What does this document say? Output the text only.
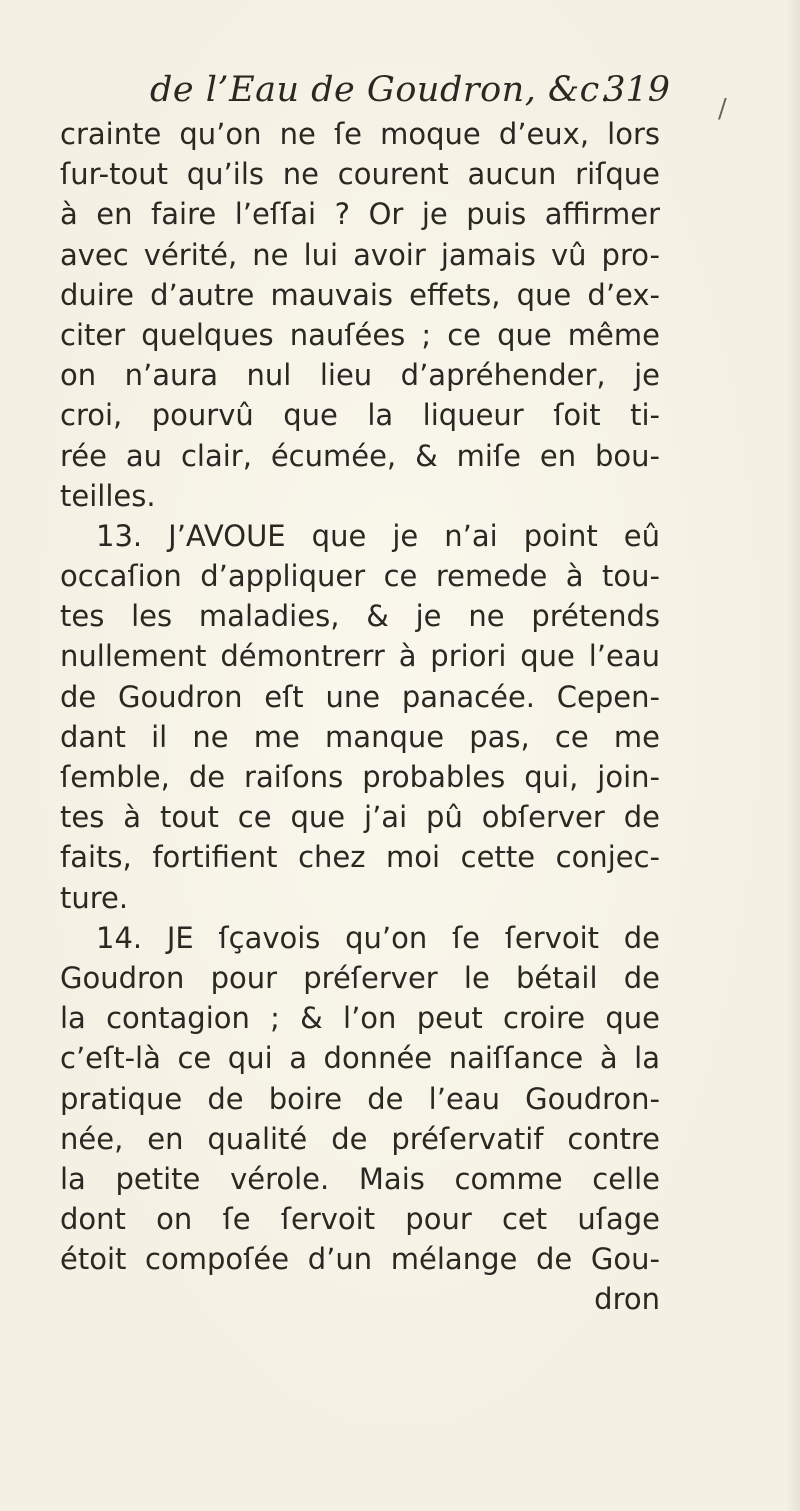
de l’Eau de Goudron, &c.
319 /
crainte qu’on ne ſe moque d’eux, lors
ſur-tout qu’ils ne courent aucun riſque
à en faire l’eſſai ? Or je puis affirmer
avec vérité, ne lui avoir jamais vû pro-
duire d’autre mauvais effets, que d’ex-
citer quelques nauſées ; ce que même
on n’aura nul lieu d’apréhender, je
croi, pourvû que la liqueur ſoit ti-
rée au clair, écumée, & miſe en bou-
teilles.
13. J’AVOUE que je n’ai point eû
occaſion d’appliquer ce remede à tou-
tes les maladies, & je ne prétends
nullement démontrerr à priori que l’eau
de Goudron eſt une panacée. Cepen-
dant il ne me manque pas, ce me
ſemble, de raiſons probables qui, join-
tes à tout ce que j’ai pû obſerver de
faits, fortifient chez moi cette conjec-
ture.
14. JE ſçavois qu’on ſe ſervoit de
Goudron pour préſerver le bétail de
la contagion ; & l’on peut croire que
c’eſt-là ce qui a donnée naiſſance à la
pratique de boire de l’eau Goudron-
née, en qualité de préſervatif contre
la petite vérole. Mais comme celle
dont on ſe ſervoit pour cet uſage
étoit compoſée d’un mélange de Gou-
dron
